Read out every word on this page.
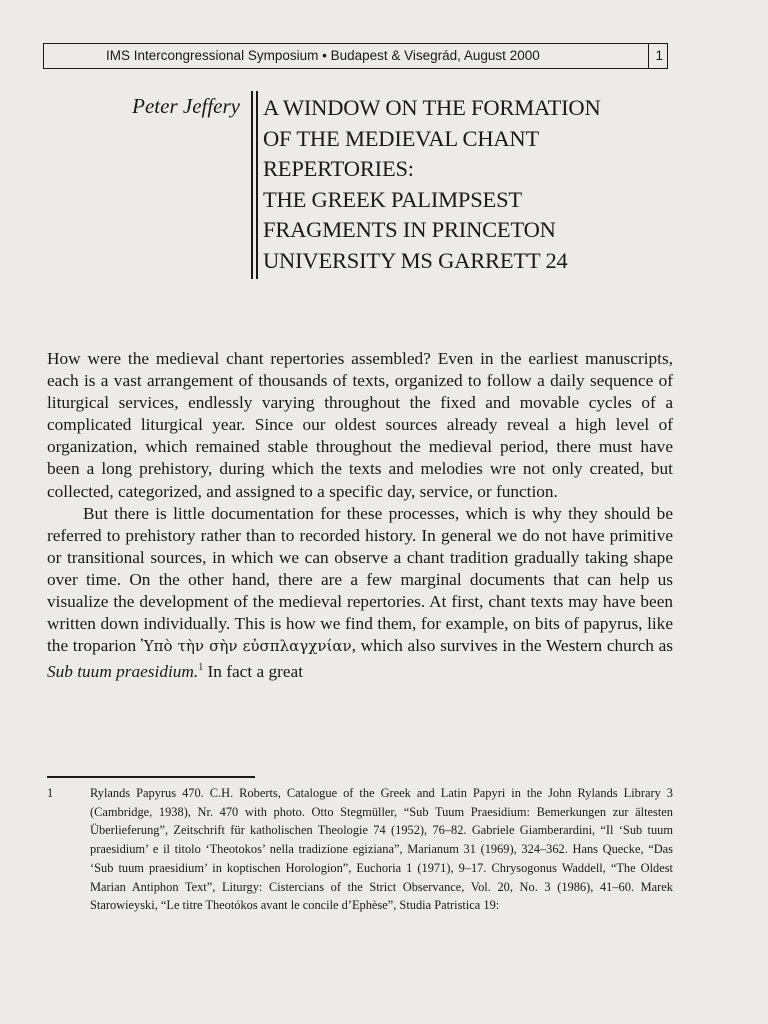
IMS Intercongressional Symposium • Budapest & Visegrád, August 2000	1
Peter Jeffery A WINDOW ON THE FORMATION
OF THE MEDIEVAL CHANT
REPERTORIES:
THE GREEK PALIMPSEST
FRAGMENTS IN PRINCETON
UNIVERSITY MS GARRETT 24

How were the medieval chant repertories assembled? Even in the earliest manuscripts, each is a vast arrangement of thousands of texts, organized to follow a daily sequence of liturgical services, endlessly varying throughout the fixed and movable cycles of a complicated liturgical year. Since our oldest sources already reveal a high level of organization, which remained stable throughout the medieval period, there must have been a long prehistory, during which the texts and melodies wre not only created, but collected, categorized, and assigned to a specific day, service, or function.

But there is little documentation for these processes, which is why they should be referred to prehistory rather than to recorded history. In general we do not have primitive or transitional sources, in which we can observe a chant tradition gradually taking shape over time. On the other hand, there are a few marginal documents that can help us visualize the development of the medieval repertories. At first, chant texts may have been written down individually. This is how we find them, for example, on bits of papyrus, like the troparion Ὑπὸ τὴν σὴν εὐσπλαγχνίαν, which also survives in the Western church as Sub tuum praesidium.$^1$ In fact a great

1	Rylands Papyrus 470. C.H. Roberts, Catalogue of the Greek and Latin Papyri in the John Rylands Library 3 (Cambridge, 1938), Nr. 470 with photo. Otto Stegmüller, “Sub Tuum Praesidium: Bemerkungen zur ältesten Überlieferung”, Zeitschrift für katholischen Theologie 74 (1952), 76–82. Gabriele Giamberardini, “Il ‘Sub tuum praesidium’ e il titolo ‘Theotokos’ nella tradizione egiziana”, Marianum 31 (1969), 324–362. Hans Quecke, “Das ‘Sub tuum praesidium’ in koptischen Horologion”, Euchoria 1 (1971), 9–17. Chrysogonus Waddell, “The Oldest Marian Antiphon Text”, Liturgy: Cistercians of the Strict Observance, Vol. 20, No. 3 (1986), 41–60. Marek Starowieyski, “Le titre Theotókos avant le concile d’Ephèse”, Studia Patristica 19:
